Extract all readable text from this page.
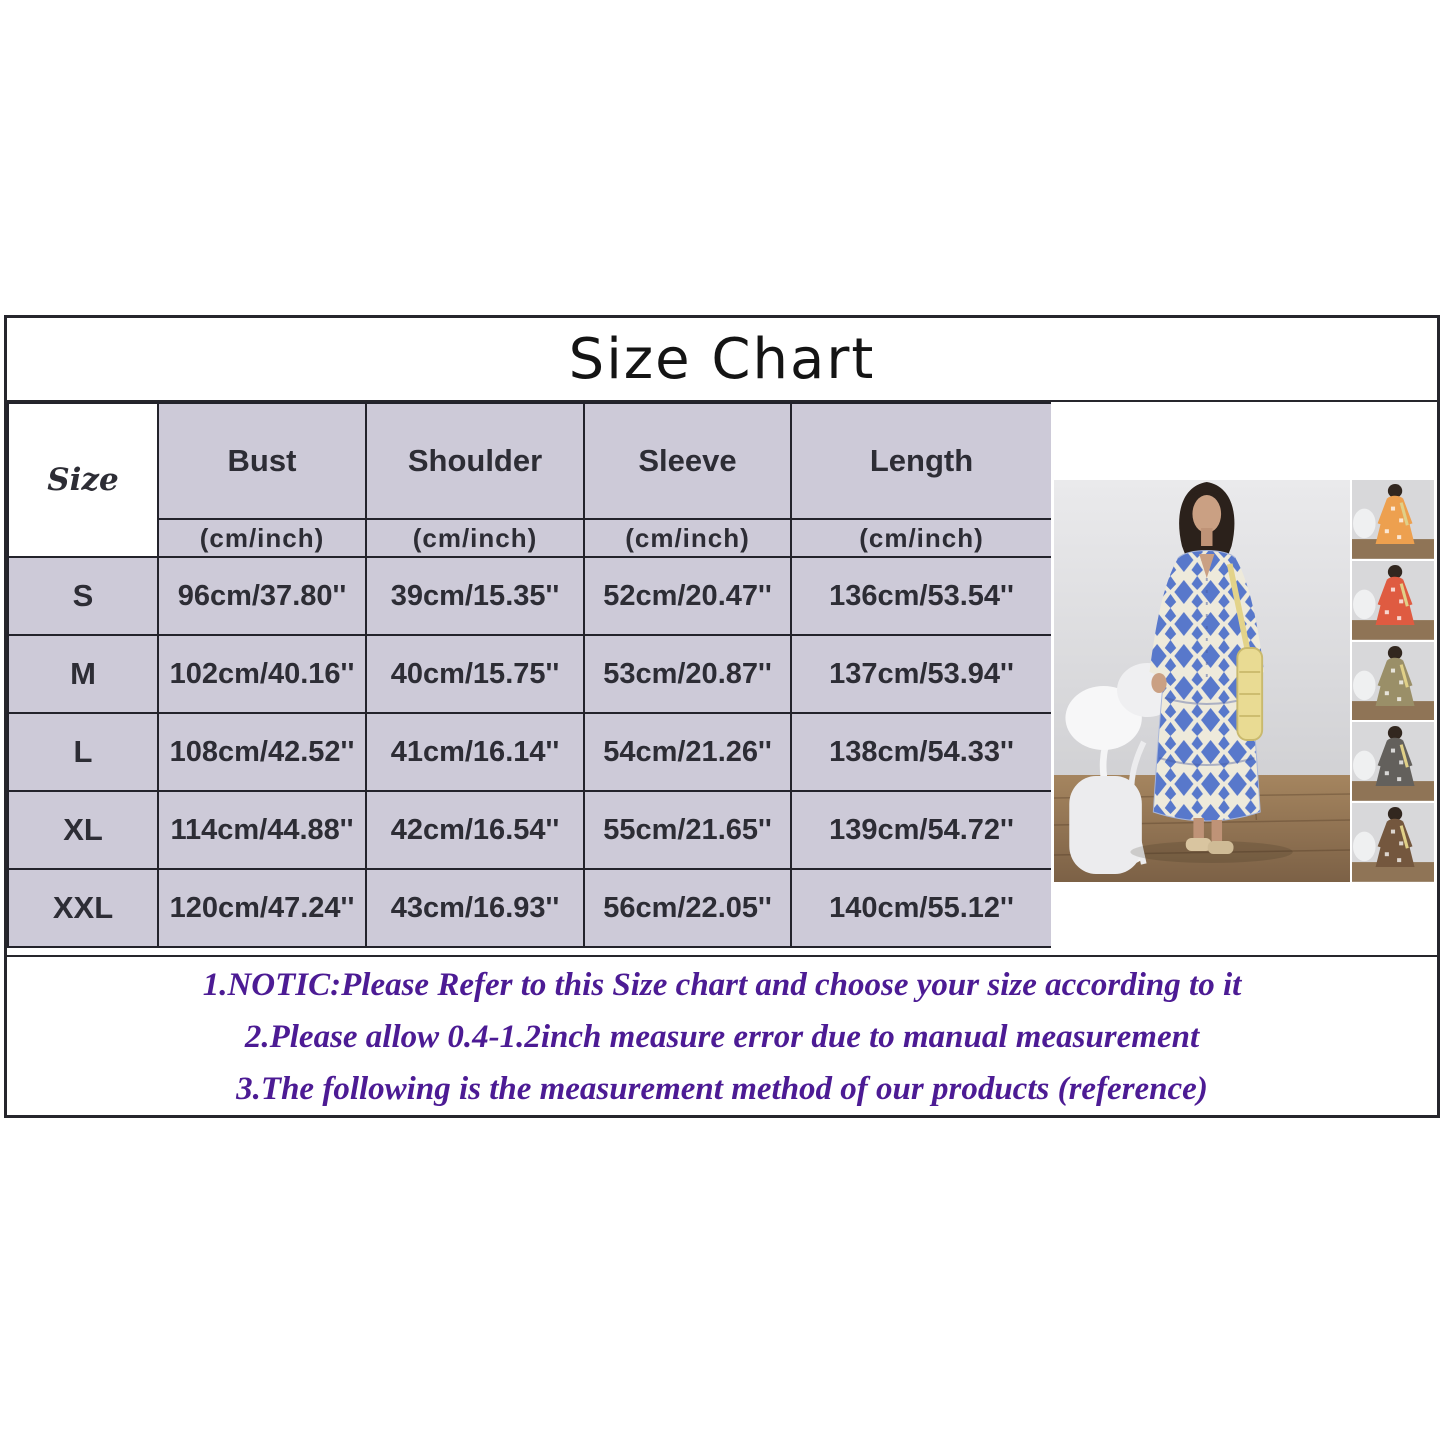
Size Chart
Size	Bust	Shoulder	Sleeve	Length
	(cm/inch)	(cm/inch)	(cm/inch)	(cm/inch)
S	96cm/37.80''	39cm/15.35''	52cm/20.47''	136cm/53.54''
M	102cm/40.16''	40cm/15.75''	53cm/20.87''	137cm/53.94''
L	108cm/42.52''	41cm/16.14''	54cm/21.26''	138cm/54.33''
XL	114cm/44.88''	42cm/16.54''	55cm/21.65''	139cm/54.72''
XXL	120cm/47.24''	43cm/16.93''	56cm/22.05''	140cm/55.12''
1.NOTIC:Please Refer to this Size chart and choose your size according to it
2.Please allow 0.4-1.2inch measure error due to manual measurement
3.The following is the measurement method of our products (reference)
